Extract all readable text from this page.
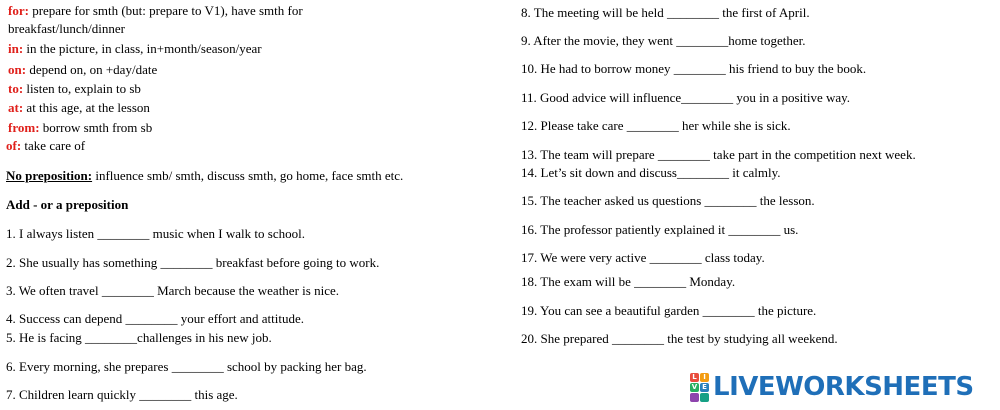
for: prepare for smth (but: prepare to V1), have smth for
breakfast/lunch/dinner
in: in the picture, in class, in+month/season/year
on: depend on, on +day/date
to: listen to, explain to sb
at: at this age, at the lesson
from: borrow smth from sb
of: take care of
No preposition: influence smb/ smth, discuss smth, go home, face smth etc.
Add - or a preposition
1. I always listen ________ music when I walk to school.
2. She usually has something ________ breakfast before going to work.
3. We often travel ________ March because the weather is nice.
4. Success can depend ________ your effort and attitude.
5. He is facing ________challenges in his new job.
6. Every morning, she prepares ________ school by packing her bag.
7. Children learn quickly ________ this age.
8. The meeting will be held ________ the first of April.
9. After the movie, they went ________home together.
10. He had to borrow money ________ his friend to buy the book.
11. Good advice will influence________ you in a positive way.
12. Please take care ________ her while she is sick.
13. The team will prepare ________ take part in the competition next week.
14. Let’s sit down and discuss________ it calmly.
15. The teacher asked us questions ________ the lesson.
16. The professor patiently explained it ________ us.
17. We were very active ________ class today.
18. The exam will be ________ Monday.
19. You can see a beautiful garden ________ the picture.
20. She prepared ________ the test by studying all weekend.
L I
V E LIVEWORKSHEETS
